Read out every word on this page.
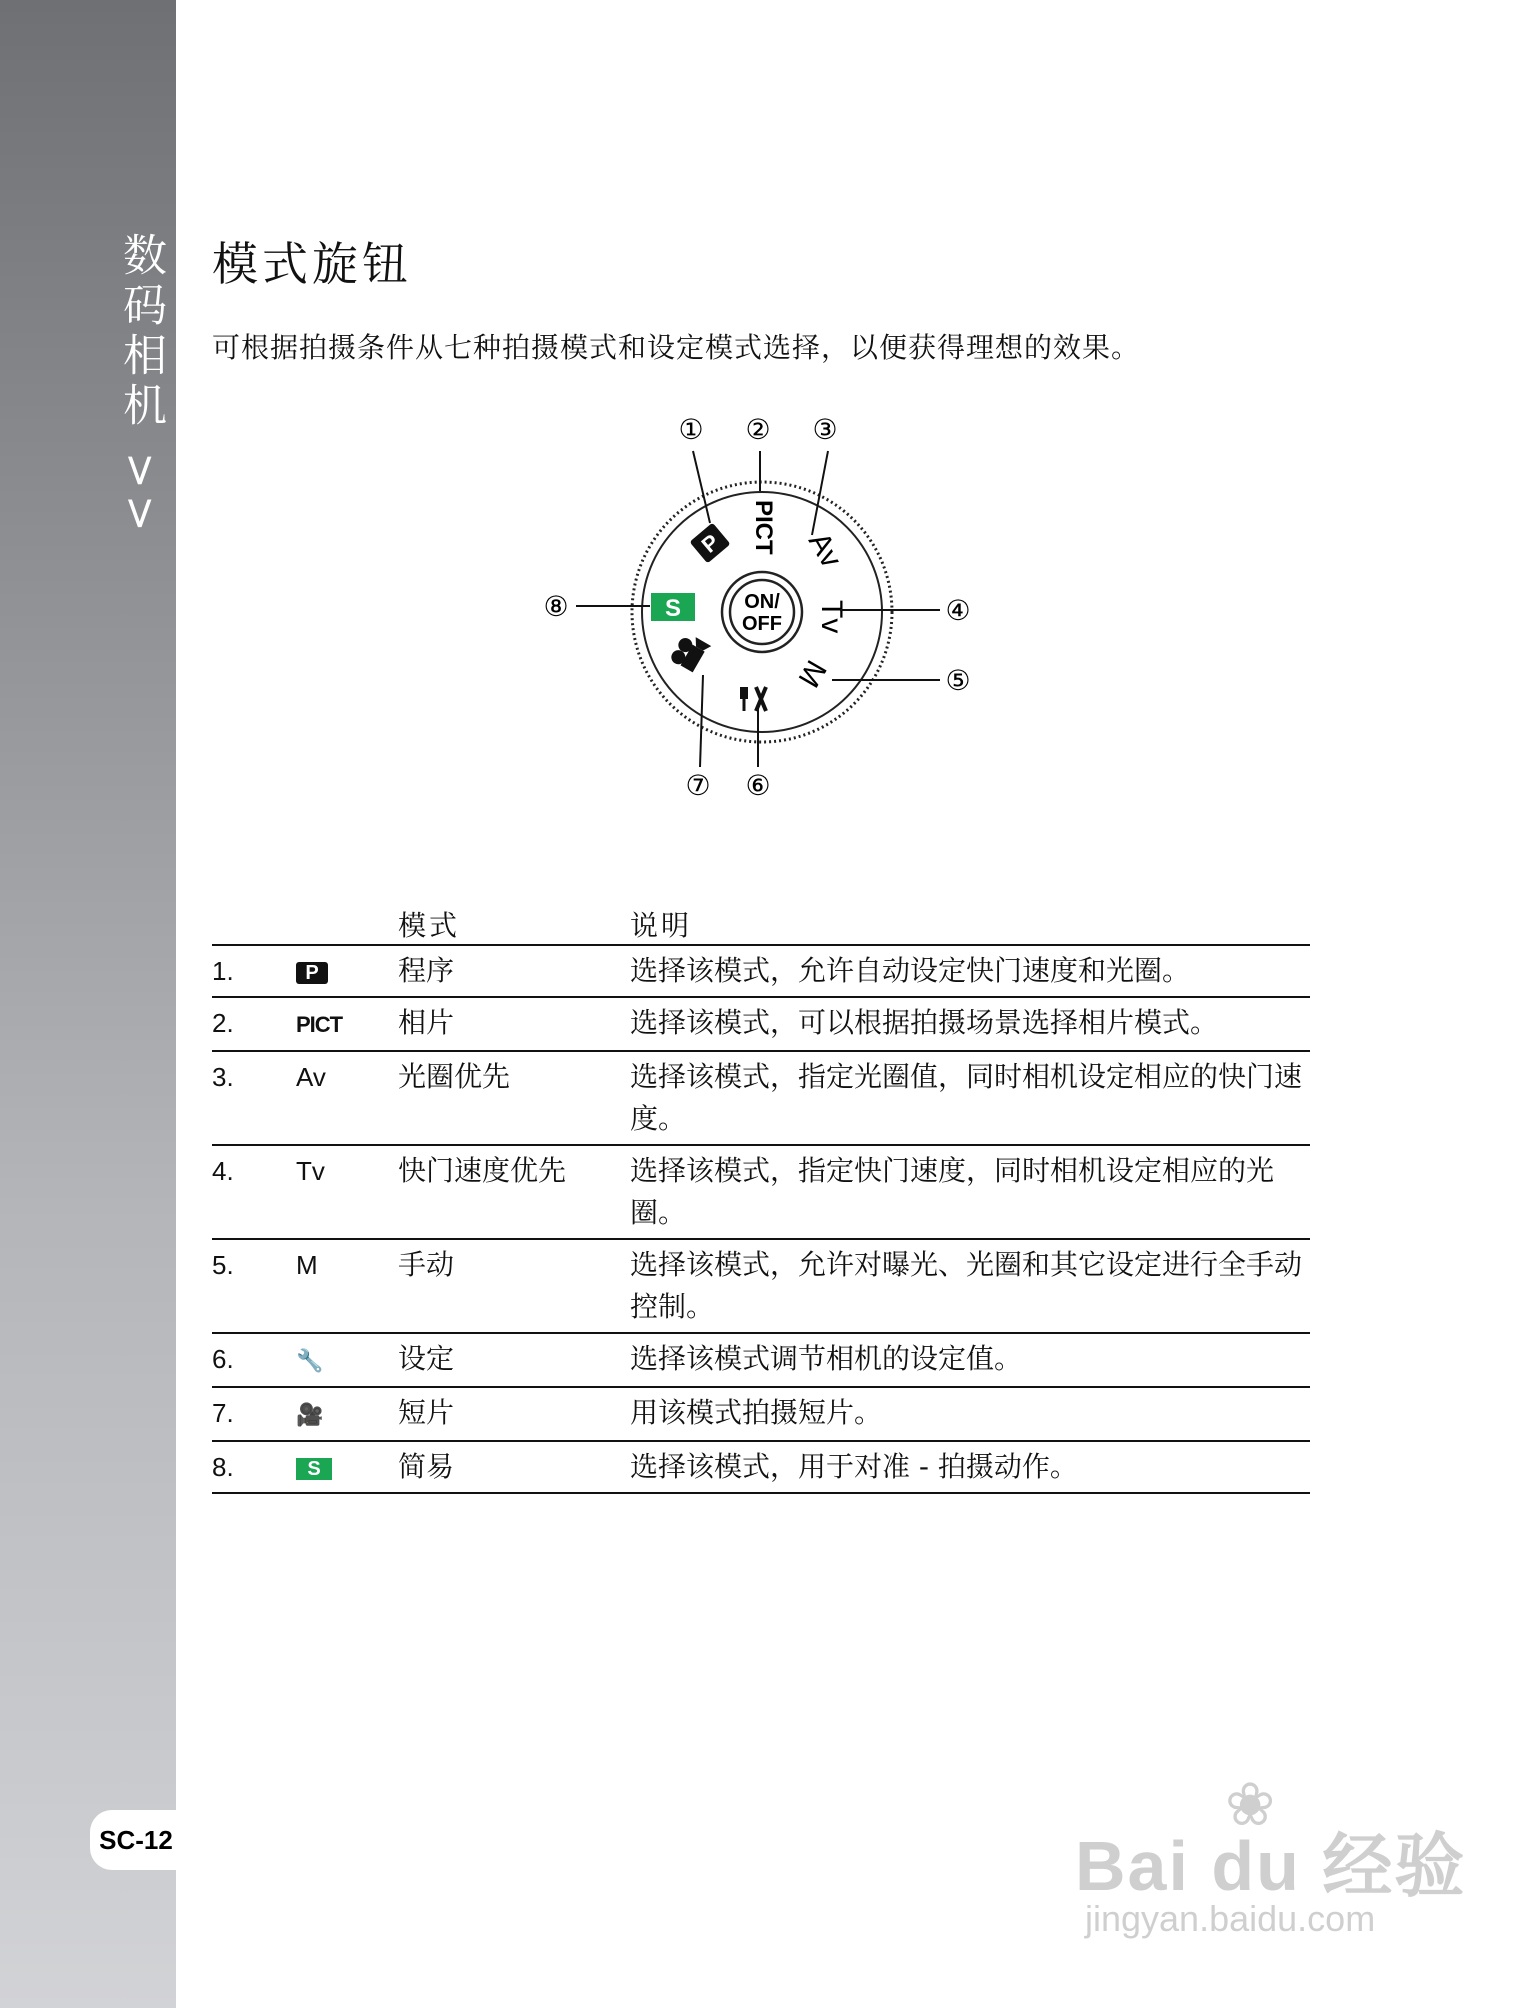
数码相机 >>
SC-12
模式旋钮
可根据拍摄条件从七种拍摄模式和设定模式选择，以便获得理想的效果。
ON/
OFF
P PICT Av
Tv
M
S
① ② ③
④
⑤
⑥
⑦
⑧
		模式	说明
1.	P	程序	选择该模式，允许自动设定快门速度和光圈。
2.	PICT	相片	选择该模式，可以根据拍摄场景选择相片模式。
3.	Av	光圈优先	选择该模式，指定光圈值，同时相机设定相应的快门速度。
4.	Tv	快门速度优先	选择该模式，指定快门速度，同时相机设定相应的光圈。
5.	M	手动	选择该模式，允许对曝光、光圈和其它设定进行全手动控制。
6.	🔧	设定	选择该模式调节相机的设定值。
7.	🎥	短片	用该模式拍摄短片。
8.	S	简易	选择该模式，用于对准 - 拍摄动作。
❀
Bai du 经验
jingyan.baidu.com
